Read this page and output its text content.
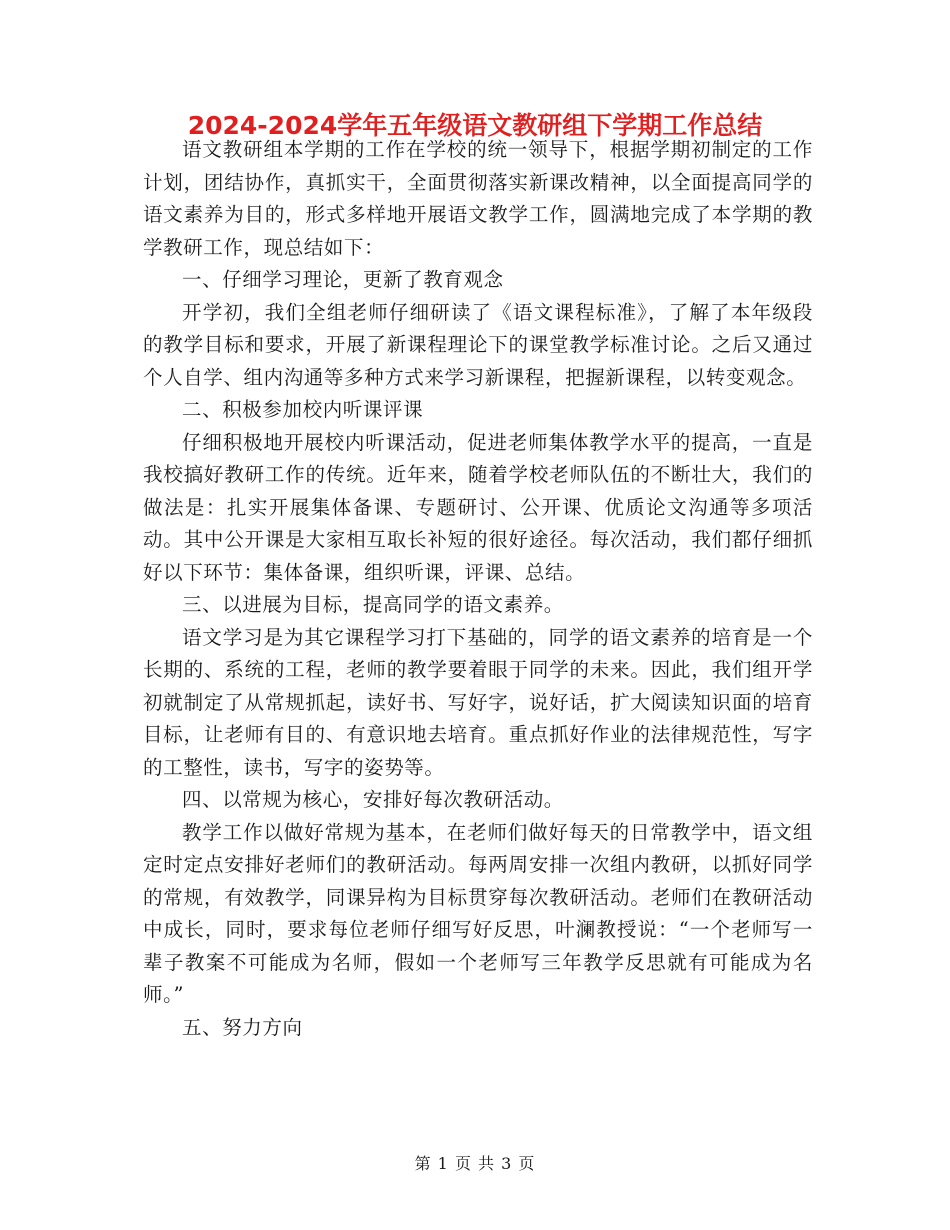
2024-2024学年五年级语文教研组下学期工作总结

语文教研组本学期的工作在学校的统一领导下，根据学期初制定的工作计划，团结协作，真抓实干，全面贯彻落实新课改精神，以全面提高同学的语文素养为目的，形式多样地开展语文教学工作，圆满地完成了本学期的教学教研工作，现总结如下：

一、仔细学习理论，更新了教育观念

开学初，我们全组老师仔细研读了《语文课程标准》，了解了本年级段的教学目标和要求，开展了新课程理论下的课堂教学标准讨论。之后又通过个人自学、组内沟通等多种方式来学习新课程，把握新课程，以转变观念。

二、积极参加校内听课评课

仔细积极地开展校内听课活动，促进老师集体教学水平的提高，一直是我校搞好教研工作的传统。近年来，随着学校老师队伍的不断壮大，我们的做法是：扎实开展集体备课、专题研讨、公开课、优质论文沟通等多项活动。其中公开课是大家相互取长补短的很好途径。每次活动，我们都仔细抓好以下环节：集体备课，组织听课，评课、总结。

三、以进展为目标，提高同学的语文素养。

语文学习是为其它课程学习打下基础的，同学的语文素养的培育是一个长期的、系统的工程，老师的教学要着眼于同学的未来。因此，我们组开学初就制定了从常规抓起，读好书、写好字，说好话，扩大阅读知识面的培育目标，让老师有目的、有意识地去培育。重点抓好作业的法律规范性，写字的工整性，读书，写字的姿势等。

四、以常规为核心，安排好每次教研活动。

教学工作以做好常规为基本，在老师们做好每天的日常教学中，语文组定时定点安排好老师们的教研活动。每两周安排一次组内教研，以抓好同学的常规，有效教学，同课异构为目标贯穿每次教研活动。老师们在教研活动中成长，同时，要求每位老师仔细写好反思，叶澜教授说：“一个老师写一辈子教案不可能成为名师，假如一个老师写三年教学反思就有可能成为名师。”

五、努力方向

第 1 页 共 3 页
